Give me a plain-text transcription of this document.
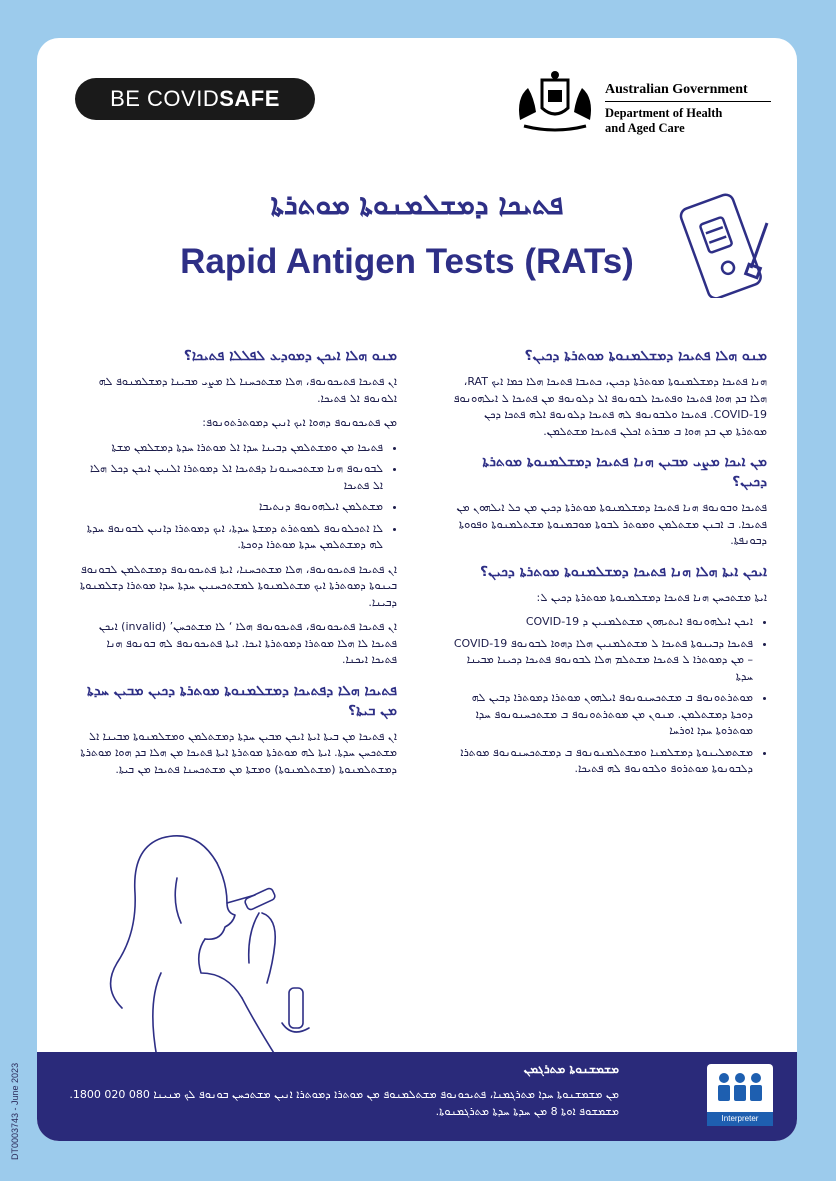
BE COVID SAFE	Australian Government
Department of Health
and Aged Care
ܦܬܝܟܐ ܕܡܫܠܡܢܘܬܐ ܡܘܬܪܬܐ
Rapid Antigen Tests (RATs)
ܡܢܘ ܗܠܐ ܦܬܝܟܐ ܕܡܫܠܡܢܘܬܐ ܡܘܬܪܬܐ ܕܟܝܢ؟

ܗܢܐ ܦܬܝܟܐ ܕܡܫܠܡܢܘܬܐ ܡܘܬܪܬܐ ܕܟܝܢ، ܟܬܝܒܐ ܦܬܝܟܐ ܗܠܐ ܟܡܐ ܐܝܟ RAT، ܗܠܐ ܒܕ ܗܘܐ ܦܬܝܟܐ ܘܦܬܝܟܐ ܠܒܘܢܘܦ ܐܠ ܕܠܘܢܘܦ ܡܢ ܦܬܝܟܐ ܠ ܐܝܠܗܘܢܘܦ COVID-19. ܦܬܝܟܐ ܘܠܒܘܢܘܦ ܠܗ ܦܬܝܟܐ ܕܠܘܢܘܦ ܐܠܗ ܦܬܟܐ ܕܟܢ ܡܘܬܪܬܐ ܡܢ ܒܕ ܗܘܐ ܒ ܡܒܪܬ ܐܟܠܢ ܦܬܝܟܐ ܡܫܬܠܡܢ.

ܡܢ ܐܝܟܐ ܡܨܝ ܡܒܝܢ ܗܢܐ ܦܬܝܟܐ ܕܡܫܠܡܢܘܬܐ ܡܘܬܪܬܐ ܕܟܝܢ؟

ܦܬܝܟܐ ܘܒܘܢܘܦ ܗܢܐ ܦܬܝܟܐ ܕܡܫܠܡܢܘܬܐ ܡܘܬܪܬܐ ܕܟܝܢ ܡܢ ܟܠ ܐܝܠܗܘܢ ܡܢ ܦܬܝܟܐ. ܒ ܐܒܢܢ ܡܫܬܠܡܢ ܘܡܘܬܪ ܠܒܘܬܐ ܡܘܒܡܢܘܬܐ ܡܫܬܠܡܢܘܬܐ ܘܦܘܘܬܐ ܕܒܘܢܦܬܐ.

ܐܝܟܢ ܐܝܬܐ ܗܠܐ ܗܢܐ ܦܬܝܟܐ ܕܡܫܠܡܢܘܬܐ ܡܘܬܪܬܐ ܕܟܝܢ؟

ܐܝܬܐ ܡܫܬܟܚܢ ܗܢܐ ܦܬܝܟܐ ܕܡܫܠܡܢܘܬܐ ܡܘܬܪܬܐ ܕܟܝܢ ܠ:

• ܐܝܟܢ ܐܝܠܗܘܢܘܦ ܐܝܬܝܗܘܢ ܡܫܬܠܡܢܝܢ ܕ COVID-19
• ܦܬܝܟܐ ܕܒܝܢܘܬܐ ܦܬܝܟܐ ܠ ܡܫܬܠܡܢܝܢ ܗܠܐ ܕܗܘܐ ܠܒܘܢܘܦ COVID-19 – ܡܢ ܕܡܘܬܪܐ ܠ ܦܬܝܟܐ ܡܫܬܠܡ ܗܠܐ ܠܒܘܢܘܦ ܦܬܝܟܐ ܕܟܝܢܐ ܡܒܝܢܐ ܚܕܬܐ
• ܡܘܬܪܬܘܢܘܦ ܒ ܡܫܬܟܚܢܘܢܘܦ ܐܝܠܗܘܢ ܡܘܬܪܐ ܕܡܘܬܪܐ ܕܒܝܢ ܠܗ ܕܘܟܬܐ ܕܡܫܬܠܡܢ. ܡܢܘܢ ܡܢ ܡܘܬܪܬܘܢܘܦ ܒ ܡܫܬܟܚܢܘܢܘܦ ܚܕܐ ܡܘܬܪܘܬܐ ܚܕܐ ܐܘܪܚܐ
• ܡܫܬܡܠܝܢܘܬܐ ܕܡܫܠܡܢܐ ܘܡܫܬܠܡܢܘܢܘܦ ܒ ܕܡܫܬܟܚܢܘܢܘܦ ܡܘܬܪܐ ܕܠܒܘܢܘܬܐ ܡܘܬܪܘܦ ܘܠܒܘܢܘܦ ܠܗ ܦܬܝܟܐ.
ܡܢܘ ܗܠܐ ܐܝܟܢ ܕܡܘܕܥ ܠܦܠܠܐ ܦܬܝܟܐ؟

ܐܢ ܦܬܝܟܐ ܦܬܝܟܘܢܘܦ، ܗܠܐ ܡܫܬܟܚܢܐ ܠܐ ܡܨܝ ܡܒܝܢܐ ܕܡܫܠܡܢܘܦ ܠܗ ܐܠܘܢܘܦ ܐܠ ܦܬܝܟܐ.

ܡܢ ܦܬܝܟܘܢܘܦ ܕܗܘܐ ܐܝܟ ܐܢܝܢ ܕܡܘܬܪܬܘܢܘܦ:

• ܦܬܝܟܐ ܡܢ ܘܡܫܬܠܡܢ ܕܒܝܢܐ ܚܕܐ ܐܠ ܡܘܬܪܐ ܚܕܬܐ ܕܡܫܠܡܢ ܡܫܬܐ
• ܠܒܘܢܘܦ ܗܢܐ ܡܫܬܟܚܢܘܢܐ ܕܦܬܝܟܐ ܐܠ ܕܡܘܬܪܐ ܐܠܢܝܢ ܐܝܟܢ ܕܟܠ ܗܠܐ ܐܠ ܦܬܝܟܐ
• ܡܫܬܠܡܢ ܐܝܠܗܘܢܘܦ ܕܢܬܝܒܐ
• ܠܐ ܐܬܟܠܘܢܘܦ ܠܡܘܬܪܬ ܕܡܫܬܐ ܚܕܬܐ، ܐܝܟ ܕܡܘܬܪܐ ܕܐܢܝܢ ܠܒܘܢܘܦ ܚܕܬܐ ܠܗ ܕܡܫܬܠܡܢ ܚܕܬܐ ܡܘܬܪܐ ܕܘܟܬܐ.

ܐܢ ܦܬܝܟܐ ܦܬܝܟܘܢܘܦ، ܗܠܐ ܡܫܬܟܚܢܐ، ܐܝܬܐ ܦܬܝܟܘܢܘܦ ܕܡܫܬܠܡܢ ܠܒܘܢܘܦ ܒܝܢܘܬܐ ܕܡܘܬܪܬܐ ܐܝܟ ܡܫܬܠܡܢܘܬܐ ܠܡܫܬܟܚܢܝܢ ܚܕܬܐ ܚܕܐ ܡܘܬܪܐ ܕܫܠܡܢܘܬܐ ܕܒܝܢܐ.

ܐܢ ܦܬܝܟܐ ܦܬܝܟܘܢܘܦ، ܦܬܝܟܘܢܘܦ ܗܠܐ ‘ ܠܐ ܡܫܬܟܚܢ’ (invalid) ܐܝܟܢ ܦܬܝܟܐ ܠܐ ܗܠܐ ܡܘܬܪܐ ܕܡܘܬܪܬܐ ܐܝܟܐ. ܐܝܬܐ ܦܬܝܟܘܢܘܦ ܠܗ ܒܘܢܘܦ ܗܢܐ ܦܬܝܟܐ ܐܝܟܢܐ.

ܦܬܝܟܐ ܗܠܐ ܕܦܬܝܟܐ ܕܡܫܠܡܢܘܬܐ ܡܘܬܪܬܐ ܕܟܝܢ ܡܒܝܢ ܚܕܬܐ ܡܢ ܒܝܬܐ؟

ܐܢ ܦܬܝܟܐ ܡܢ ܒܝܬܐ ܐܝܬܐ ܐܝܟܢ ܡܒܝܢ ܚܕܬܐ ܕܡܫܬܠܡܢ ܘܡܫܠܡܢܘܬܐ ܡܒܝܢܐ ܐܠ ܡܫܬܟܚܢ ܚܕܬܐ. ܐܝܬܐ ܠܗ ܡܘܬܪܬܐ ܡܘܬܪܬܐ ܐܝܬܐ ܦܬܝܟܐ ܡܢ ܗܠܐ ܒܕ ܗܘܐ ܡܘܬܪܬܐ ܕܡܫܬܠܡܢܘܬܐ (ܡܫܬܠܡܢܘܬܐ) ܘܡܫܬܐ ܡܢ ܡܫܬܟܚܢܐ ܦܬܝܟܐ ܡܢ ܒܝܬܐ.

ܡܫܡܫܢܘܬܐ ܡܬܪܓܡܢ
ܡܢ ܡܫܡܫܢܘܬܐ ܚܕܐ ܡܬܪܓܡܢܐ، ܦܬܝܟܘܢܘܦ ܡܫܬܠܡܢܘܦ ܡܢ ܡܘܬܪܐ ܕܡܘܬܪܐ ܐܢܝܢ ܡܫܬܟܚܢ ܒܘܢܘܦ ܠܟ ܡܢܝܢܐ 080 020 1800. ܡܫܡܫܘܦ ܐܘܬܐ 8 ܡܢ ܚܕܬܐ ܚܕܬܐ ܡܬܪܓܡܢܘܬܐ.
Interpreter
DT0003743 - June 2023
